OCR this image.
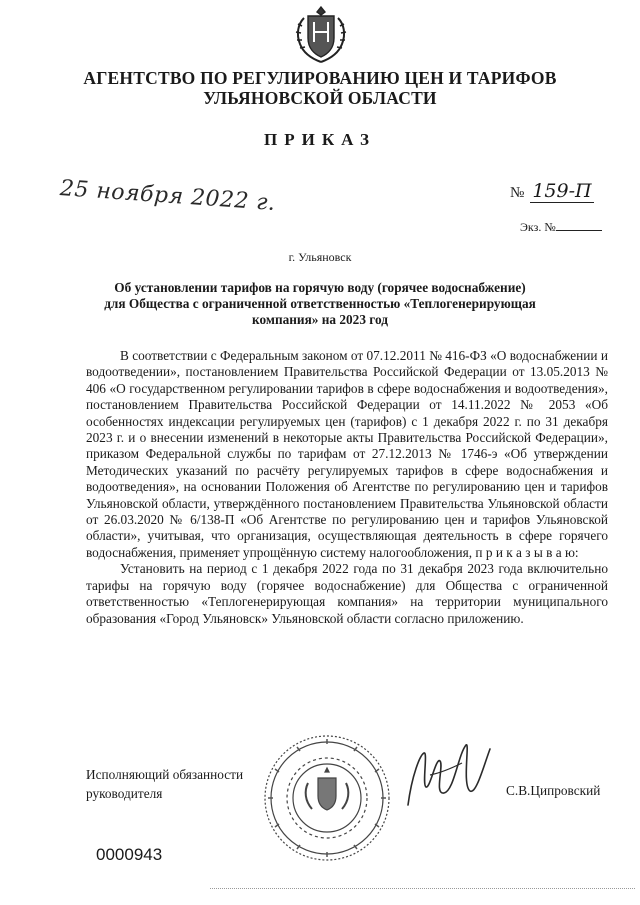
АГЕНТСТВО ПО РЕГУЛИРОВАНИЮ ЦЕН И ТАРИФОВ
УЛЬЯНОВСКОЙ ОБЛАСТИ
ПРИКАЗ
25 ноября 2022 г.	№ 159-П
Экз. №
г. Ульяновск
Об установлении тарифов на горячую воду (горячее водоснабжение)
для Общества с ограниченной ответственностью «Теплогенерирующая
компания» на 2023 год

В соответствии с Федеральным законом от 07.12.2011 № 416-ФЗ «О водоснабжении и водоотведении», постановлением Правительства Российской Федерации от 13.05.2013 № 406 «О государственном регулировании тарифов в сфере водоснабжения и водоотведения», постановлением Правительства Российской Федерации от 14.11.2022 № 2053 «Об особенностях индексации регулируемых цен (тарифов) с 1 декабря 2022 г. по 31 декабря 2023 г. и о внесении изменений в некоторые акты Правительства Российской Федерации», приказом Федеральной службы по тарифам от 27.12.2013 № 1746-э «Об утверждении Методических указаний по расчёту регулируемых тарифов в сфере водоснабжения и водоотведения», на основании Положения об Агентстве по регулированию цен и тарифов Ульяновской области, утверждённого постановлением Правительства Ульяновской области от 26.03.2020 № 6/138-П «Об Агентстве по регулированию цен и тарифов Ульяновской области», учитывая, что организация, осуществляющая деятельность в сфере горячего водоснабжения, применяет упрощённую систему налогообложения, п р и к а з ы в а ю:

Установить на период с 1 декабря 2022 года по 31 декабря 2023 года включительно тарифы на горячую воду (горячее водоснабжение) для Общества с ограниченной ответственностью «Теплогенерирующая компания» на территории муниципального образования «Город Ульяновск» Ульяновской области согласно приложению.

Исполняющий обязанности
руководителя	С.В.Ципровский
0000943
